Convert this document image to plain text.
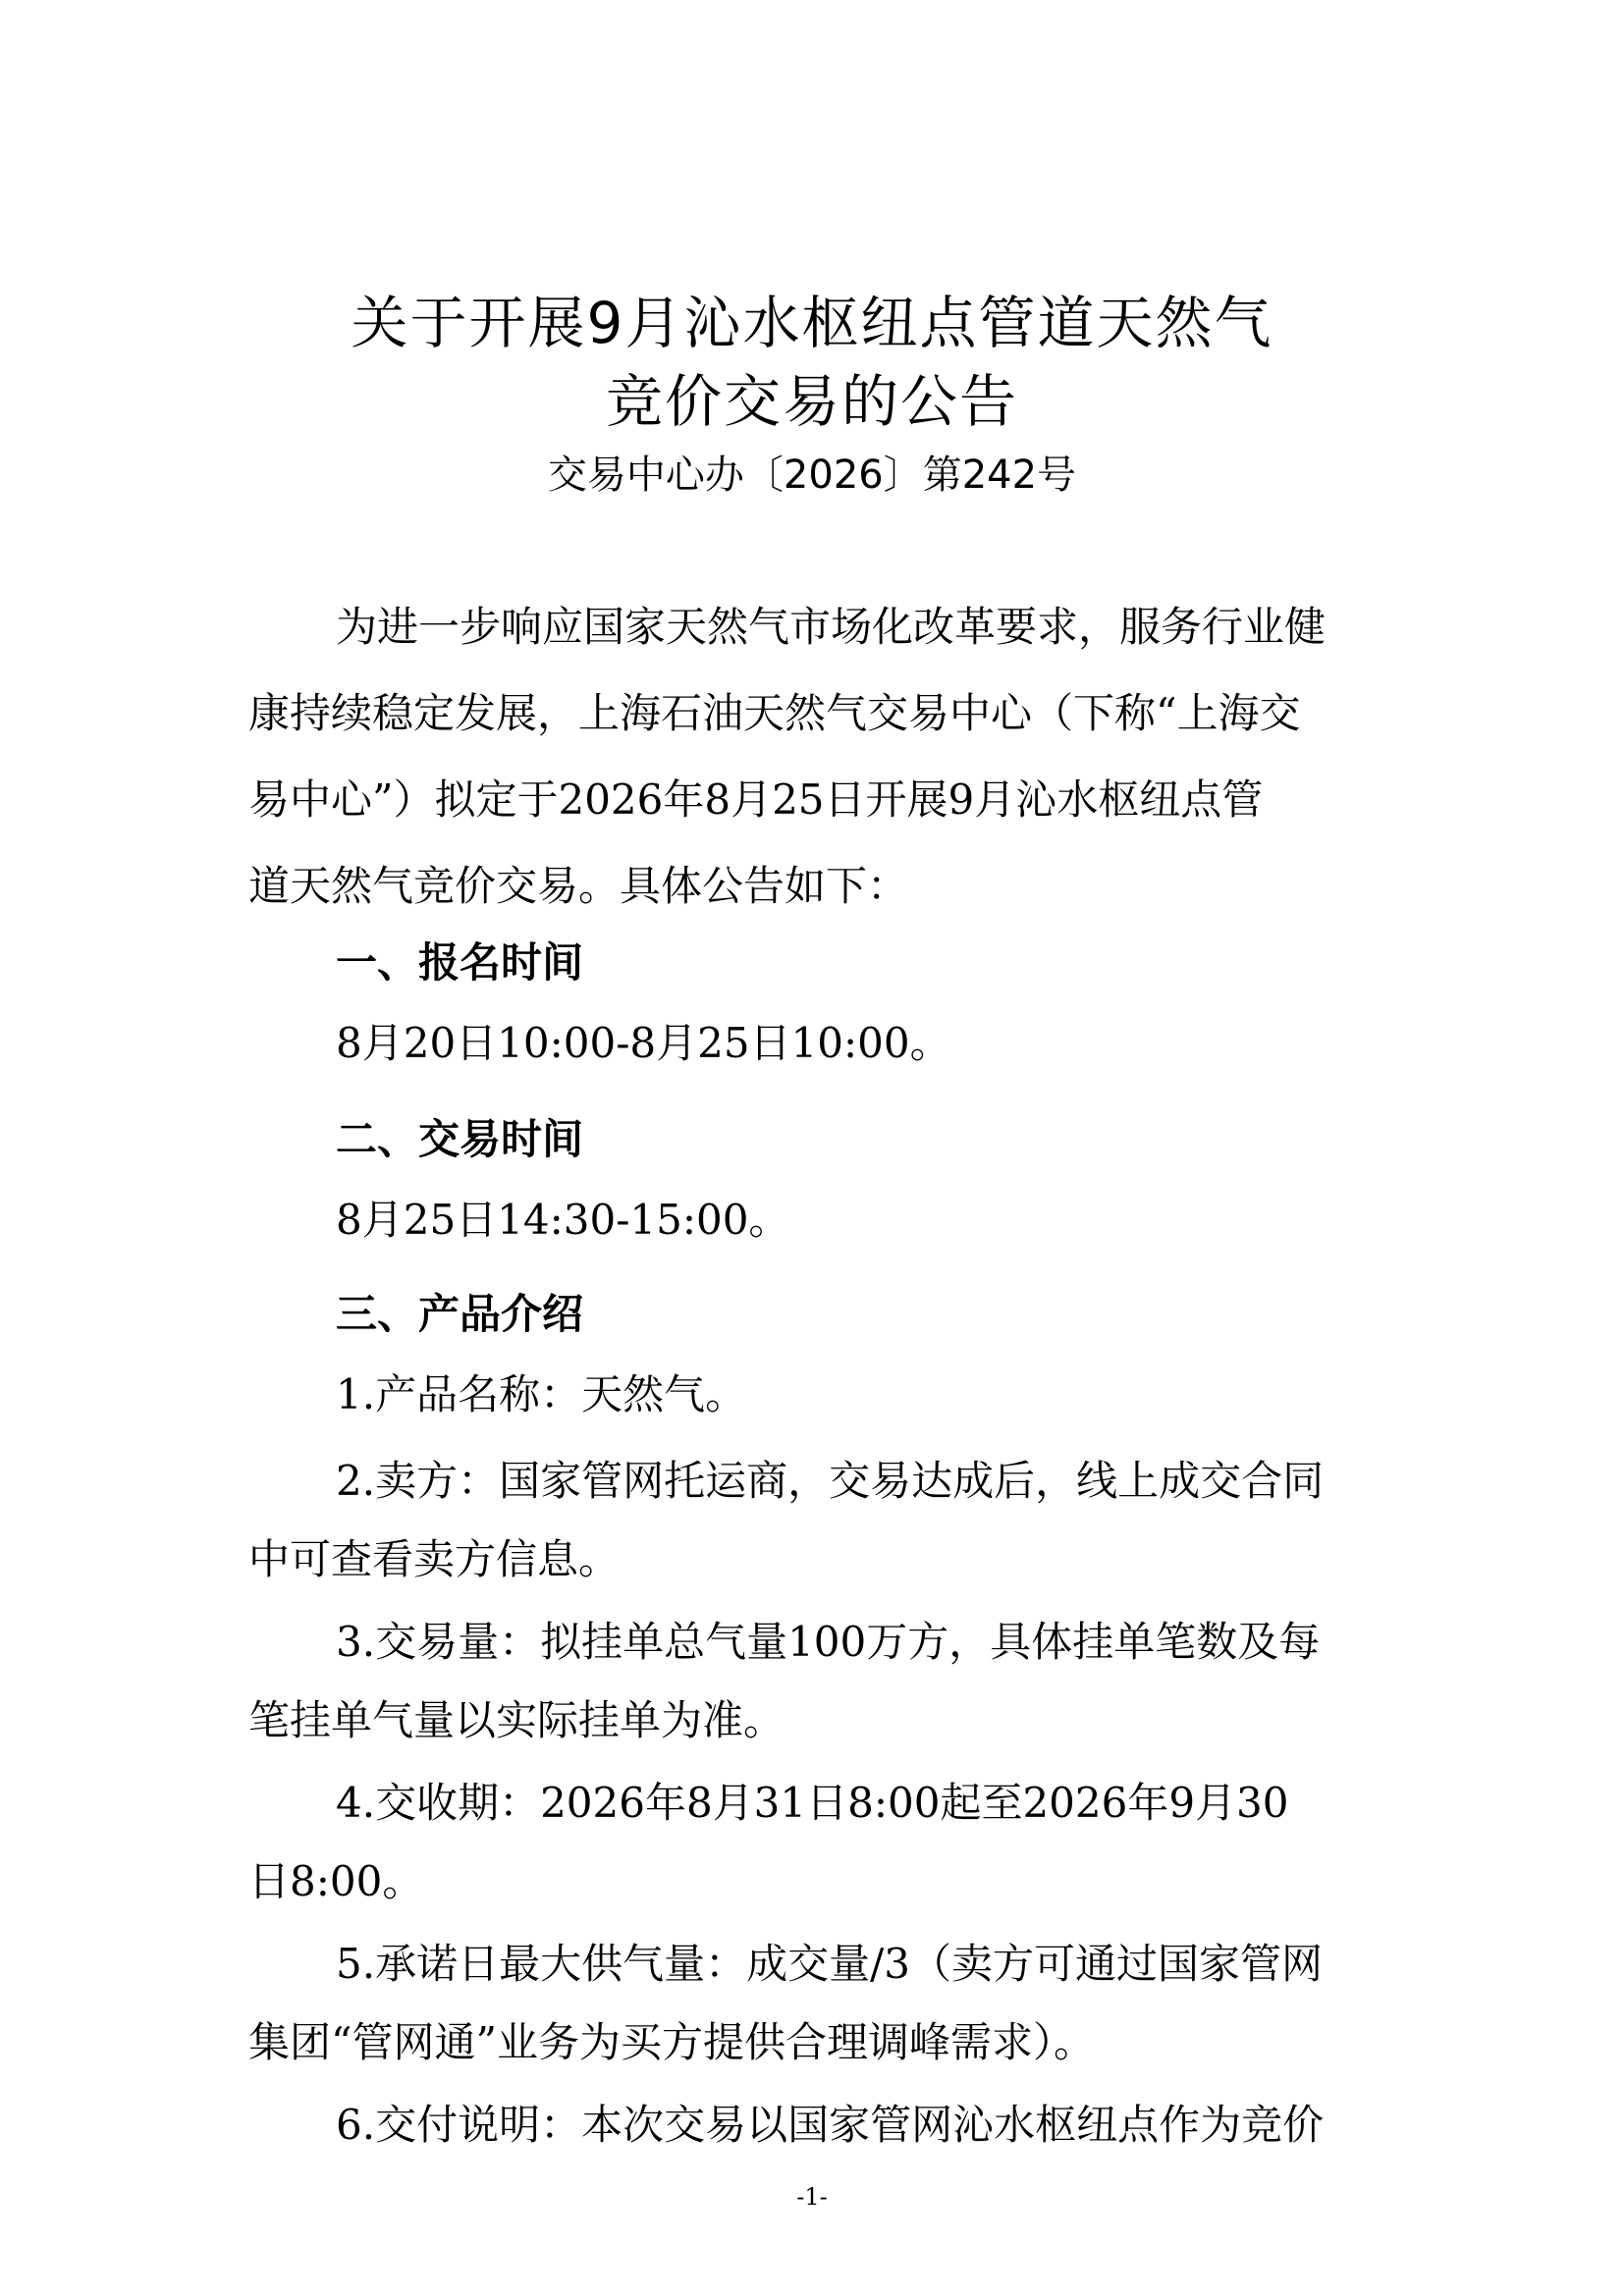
关于开展9月沁水枢纽点管道天然气
竞价交易的公告
交易中心办〔2026〕第242号
为进一步响应国家天然气市场化改革要求，服务行业健
康持续稳定发展，上海石油天然气交易中心（下称“上海交
易中心”）拟定于2026年8月25日开展9月沁水枢纽点管
道天然气竞价交易。具体公告如下：
一、报名时间
8月20日10:00-8月25日10:00。
二、交易时间
8月25日14:30-15:00。
三、产品介绍
1.产品名称：天然气。
2.卖方：国家管网托运商，交易达成后，线上成交合同
中可查看卖方信息。
3.交易量：拟挂单总气量100万方，具体挂单笔数及每
笔挂单气量以实际挂单为准。
4.交收期：2026年8月31日8:00起至2026年9月30
日8:00。
5.承诺日最大供气量：成交量/3（卖方可通过国家管网
集团“管网通”业务为买方提供合理调峰需求）。
6.交付说明：本次交易以国家管网沁水枢纽点作为竞价
-1-
